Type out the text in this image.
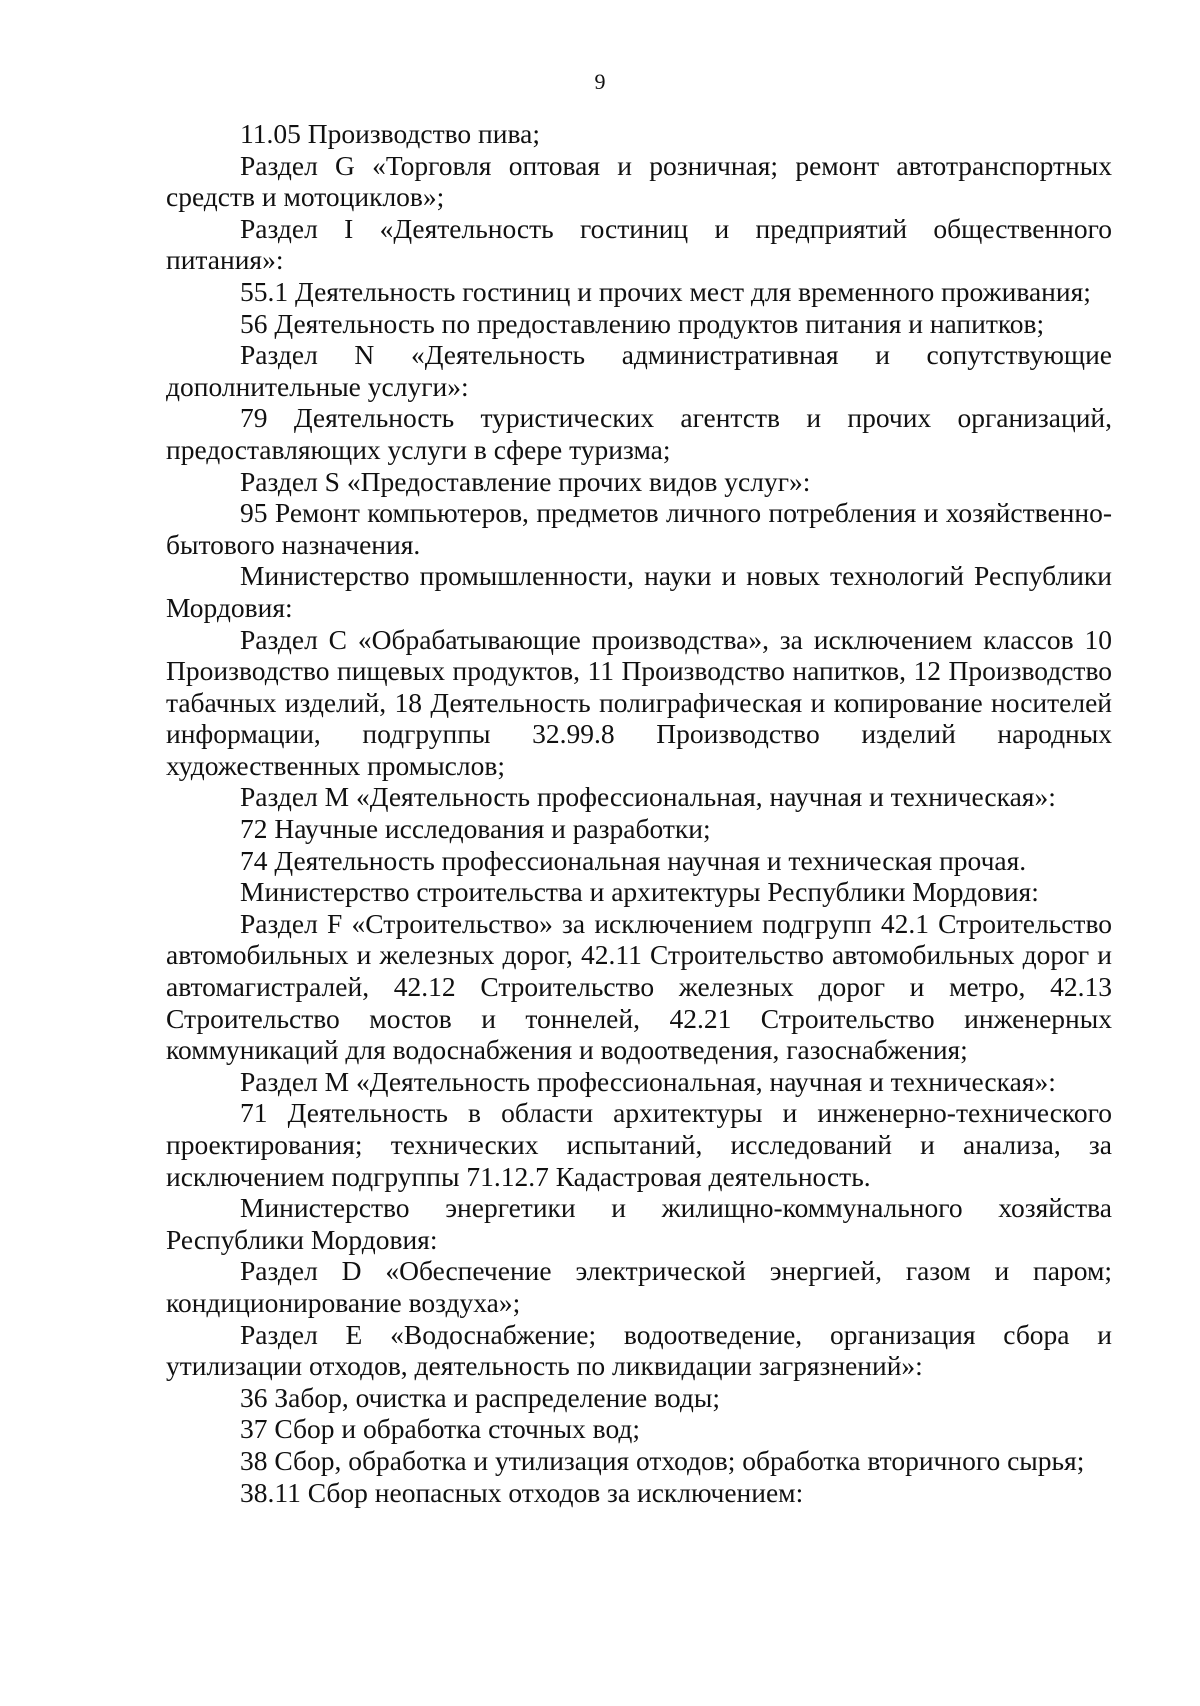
9

11.05 Производство пива;

Раздел G «Торговля оптовая и розничная; ремонт автотранспортных средств и мотоциклов»;

Раздел I «Деятельность гостиниц и предприятий общественного питания»:

55.1 Деятельность гостиниц и прочих мест для временного проживания;

56 Деятельность по предоставлению продуктов питания и напитков;

Раздел N «Деятельность административная и сопутствующие дополнительные услуги»:

79 Деятельность туристических агентств и прочих организаций, предоставляющих услуги в сфере туризма;

Раздел S «Предоставление прочих видов услуг»:

95 Ремонт компьютеров, предметов личного потребления и хозяйственно-бытового назначения.

Министерство промышленности, науки и новых технологий Республики Мордовия:

Раздел С «Обрабатывающие производства», за исключением классов 10 Производство пищевых продуктов, 11 Производство напитков, 12 Производство табачных изделий, 18 Деятельность полиграфическая и копирование носителей информации, подгруппы 32.99.8 Производство изделий народных художественных промыслов;

Раздел М «Деятельность профессиональная, научная и техническая»:

72 Научные исследования и разработки;

74 Деятельность профессиональная научная и техническая прочая.

Министерство строительства и архитектуры Республики Мордовия:

Раздел F «Строительство» за исключением подгрупп 42.1 Строительство автомобильных и железных дорог, 42.11 Строительство автомобильных дорог и автомагистралей, 42.12 Строительство железных дорог и метро, 42.13 Строительство мостов и тоннелей, 42.21 Строительство инженерных коммуникаций для водоснабжения и водоотведения, газоснабжения;

Раздел М «Деятельность профессиональная, научная и техническая»:

71 Деятельность в области архитектуры и инженерно-технического проектирования; технических испытаний, исследований и анализа, за исключением подгруппы 71.12.7 Кадастровая деятельность.

Министерство энергетики и жилищно-коммунального хозяйства Республики Мордовия:

Раздел D «Обеспечение электрической энергией, газом и паром; кондиционирование воздуха»;

Раздел Е «Водоснабжение; водоотведение, организация сбора и утилизации отходов, деятельность по ликвидации загрязнений»:

36 Забор, очистка и распределение воды;

37 Сбор и обработка сточных вод;

38 Сбор, обработка и утилизация отходов; обработка вторичного сырья;

38.11 Сбор неопасных отходов за исключением:
